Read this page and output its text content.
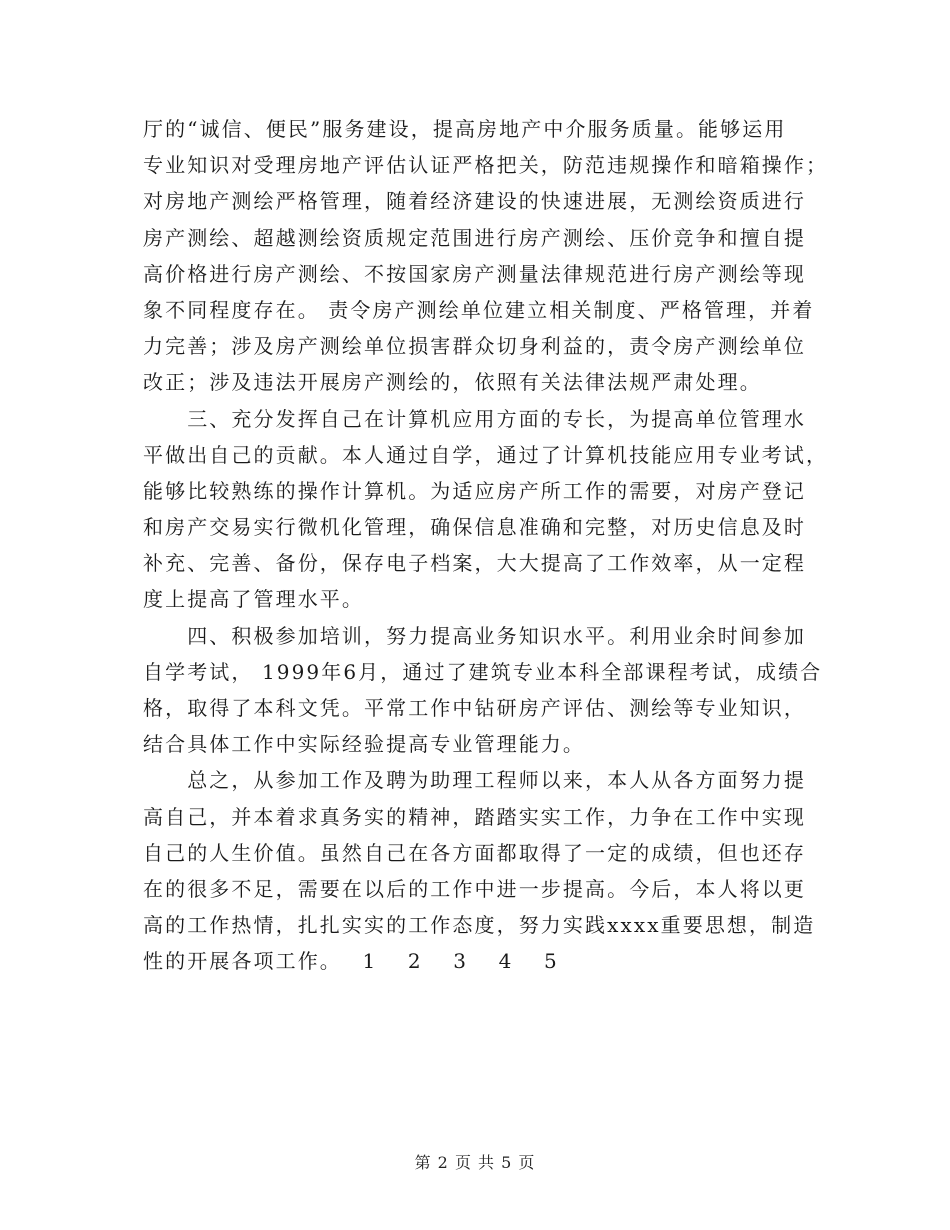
厅的“诚信、便民”服务建设，提高房地产中介服务质量。能够运用
专业知识对受理房地产评估认证严格把关，防范违规操作和暗箱操作；
对房地产测绘严格管理，随着经济建设的快速进展，无测绘资质进行
房产测绘、超越测绘资质规定范围进行房产测绘、压价竞争和擅自提
高价格进行房产测绘、不按国家房产测量法律规范进行房产测绘等现
象不同程度存在。 责令房产测绘单位建立相关制度、严格管理，并着
力完善；涉及房产测绘单位损害群众切身利益的，责令房产测绘单位
改正；涉及违法开展房产测绘的，依照有关法律法规严肃处理。
　　三、充分发挥自己在计算机应用方面的专长，为提高单位管理水
平做出自己的贡献。本人通过自学，通过了计算机技能应用专业考试，
能够比较熟练的操作计算机。为适应房产所工作的需要，对房产登记
和房产交易实行微机化管理，确保信息准确和完整，对历史信息及时
补充、完善、备份，保存电子档案，大大提高了工作效率，从一定程
度上提高了管理水平。
　　四、积极参加培训，努力提高业务知识水平。利用业余时间参加
自学考试， 1999年6月，通过了建筑专业本科全部课程考试，成绩合
格，取得了本科文凭。平常工作中钻研房产评估、测绘等专业知识，
结合具体工作中实际经验提高专业管理能力。
　　总之，从参加工作及聘为助理工程师以来，本人从各方面努力提
高自己，并本着求真务实的精神，踏踏实实工作，力争在工作中实现
自己的人生价值。虽然自己在各方面都取得了一定的成绩，但也还存
在的很多不足，需要在以后的工作中进一步提高。今后，本人将以更
高的工作热情，扎扎实实的工作态度，努力实践xxxx重要思想，制造
性的开展各项工作。　 1　 2　 3　 4　 5
第 2 页 共 5 页
